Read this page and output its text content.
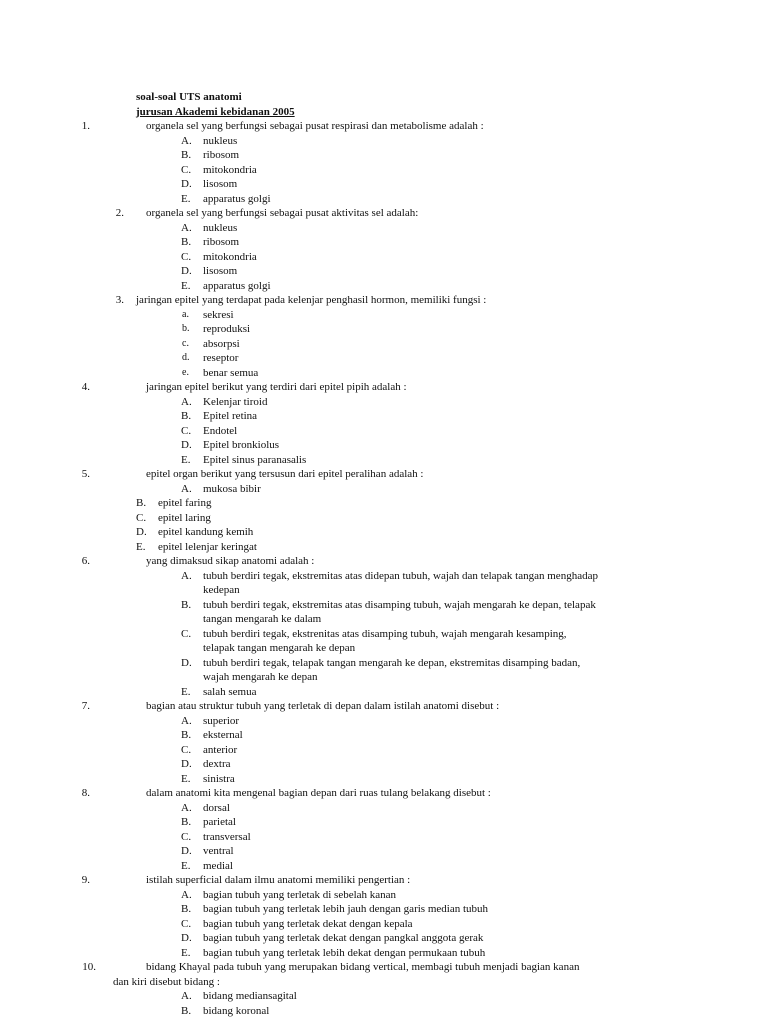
soal-soal UTS anatomi
jurusan Akademi kebidanan 2005
1.	organela sel yang berfungsi sebagai pusat respirasi dan metabolisme adalah :
A. nukleus
B. ribosom
C. mitokondria
D. lisosom
E. apparatus golgi
2. organela sel yang berfungsi sebagai pusat aktivitas sel adalah:
A. nukleus
B. ribosom
C. mitokondria
D. lisosom
E. apparatus golgi
3. jaringan epitel yang terdapat pada kelenjar penghasil hormon, memiliki fungsi :
a. sekresi
b. reproduksi
c. absorpsi
d. reseptor
e. benar semua
4.	jaringan epitel berikut yang terdiri dari epitel pipih adalah :
A. Kelenjar tiroid
B. Epitel retina
C. Endotel
D. Epitel bronkiolus
E. Epitel sinus paranasalis
5.	epitel organ berikut yang tersusun dari epitel peralihan adalah :
A. mukosa bibir
B. epitel faring
C. epitel laring
D. epitel kandung kemih
E. epitel lelenjar keringat
6.	yang dimaksud sikap anatomi adalah :
A. tubuh berdiri tegak, ekstremitas atas didepan tubuh, wajah dan telapak tangan menghadap
kedepan
B. tubuh berdiri tegak, ekstremitas atas disamping tubuh, wajah mengarah ke depan, telapak
tangan mengarah ke dalam
C. tubuh berdiri tegak, ekstrenitas atas disamping tubuh, wajah mengarah kesamping,
telapak tangan mengarah ke depan
D. tubuh berdiri tegak, telapak tangan mengarah ke depan, ekstremitas disamping badan,
wajah mengarah ke depan
E. salah semua
7.	bagian atau struktur tubuh yang terletak di depan dalam istilah anatomi disebut :
A. superior
B. eksternal
C. anterior
D. dextra
E. sinistra
8.	dalam anatomi kita mengenal bagian depan dari ruas tulang belakang disebut :
A. dorsal
B. parietal
C. transversal
D. ventral
E. medial
9.	istilah superficial dalam ilmu anatomi memiliki pengertian :
A. bagian tubuh yang terletak di sebelah kanan
B. bagian tubuh yang terletak lebih jauh dengan garis median tubuh
C. bagian tubuh yang terletak dekat dengan kepala
D. bagian tubuh yang terletak dekat dengan pangkal anggota gerak
E. bagian tubuh yang terletak lebih dekat dengan permukaan tubuh
10.	bidang Khayal pada tubuh yang merupakan bidang vertical, membagi tubuh menjadi bagian kanan
dan kiri disebut bidang :
A. bidang mediansagital
B. bidang koronal
